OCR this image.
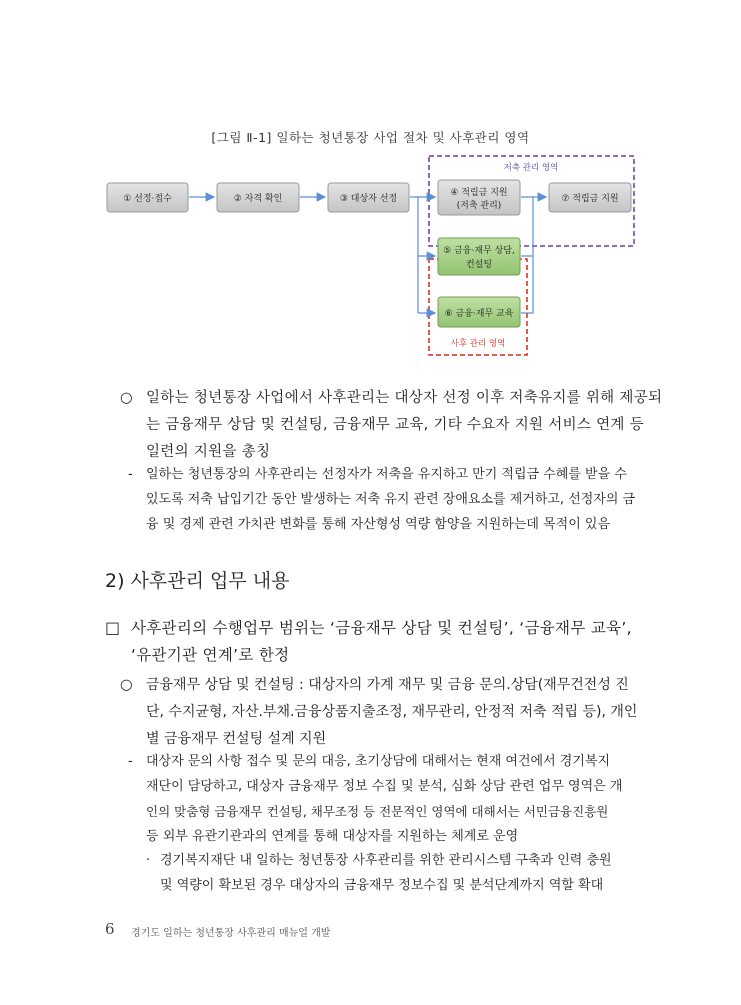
[그림 Ⅱ-1] 일하는 청년통장 사업 절차 및 사후관리 영역
저축 관리 영역
사후 관리 영역
① 선정·접수	② 자격 확인	③ 대상자 선정
④ 적립금 지원
(저축 관리)
⑦ 적립금 지원
⑤ 금융·재무 상담,
컨설팅
⑥ 금융·재무 교육
○ 일하는 청년통장 사업에서 사후관리는 대상자 선정 이후 저축유지를 위해 제공되
는 금융재무 상담 및 컨설팅, 금융재무 교육, 기타 수요자 지원 서비스 연계 등
일련의 지원을 총칭
- 일하는 청년통장의 사후관리는 선정자가 저축을 유지하고 만기 적립금 수혜를 받을 수
있도록 저축 납입기간 동안 발생하는 저축 유지 관련 장애요소를 제거하고, 선정자의 금
융 및 경제 관련 가치관 변화를 통해 자산형성 역량 함양을 지원하는데 목적이 있음
2) 사후관리 업무 내용
□ 사후관리의 수행업무 범위는 ‘금융재무 상담 및 컨설팅’, ‘금융재무 교육’,
‘유관기관 연계’로 한정
○ 금융재무 상담 및 컨설팅 : 대상자의 가계 재무 및 금융 문의.상담(재무건전성 진
단, 수지균형, 자산.부채.금융상품지출조정, 재무관리, 안정적 저축 적립 등), 개인
별 금융재무 컨설팅 설계 지원
- 대상자 문의 사항 접수 및 문의 대응, 초기상담에 대해서는 현재 여건에서 경기복지
재단이 담당하고, 대상자 금융재무 정보 수집 및 분석, 심화 상담 관련 업무 영역은 개
인의 맞춤형 금융재무 컨설팅, 채무조정 등 전문적인 영역에 대해서는 서민금융진흥원
등 외부 유관기관과의 연계를 통해 대상자를 지원하는 체계로 운영
· 경기복지재단 내 일하는 청년통장 사후관리를 위한 관리시스템 구축과 인력 충원
및 역량이 확보된 경우 대상자의 금융재무 정보수집 및 분석단계까지 역할 확대
6 경기도 일하는 청년통장 사후관리 매뉴얼 개발
